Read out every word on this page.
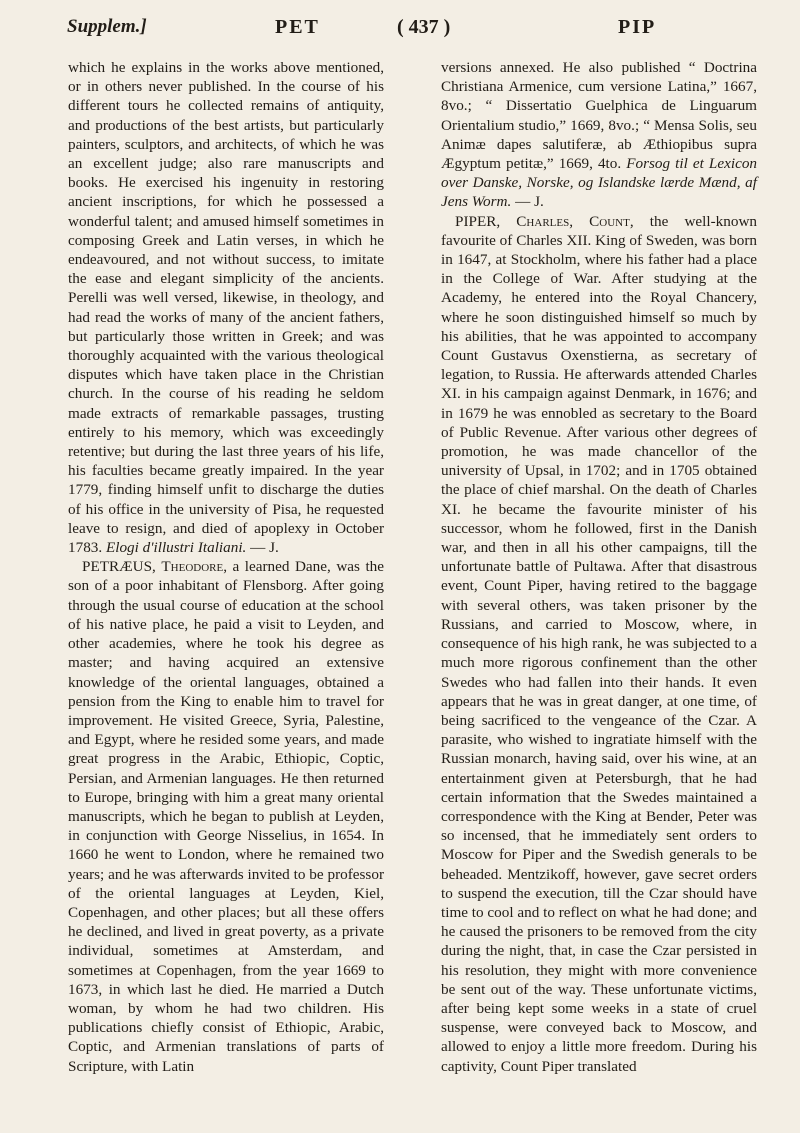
Supplem.]	PET	( 437 )	PIP

which he explains in the works above mentioned, or in others never published. In the course of his different tours he collected remains of antiquity, and productions of the best artists, but particularly painters, sculptors, and architects, of which he was an excellent judge; also rare manuscripts and books. He exercised his ingenuity in restoring ancient inscriptions, for which he possessed a wonderful talent; and amused himself sometimes in composing Greek and Latin verses, in which he endeavoured, and not without success, to imitate the ease and elegant simplicity of the ancients. Perelli was well versed, likewise, in theology, and had read the works of many of the ancient fathers, but particularly those written in Greek; and was thoroughly acquainted with the various theological disputes which have taken place in the Christian church. In the course of his reading he seldom made extracts of remarkable passages, trusting entirely to his memory, which was exceedingly retentive; but during the last three years of his life, his faculties became greatly impaired. In the year 1779, finding himself unfit to discharge the duties of his office in the university of Pisa, he requested leave to resign, and died of apoplexy in October 1783. Elogi d'illustri Italiani. — J.

PETRÆUS, Theodore, a learned Dane, was the son of a poor inhabitant of Flensborg. After going through the usual course of education at the school of his native place, he paid a visit to Leyden, and other academies, where he took his degree as master; and having acquired an extensive knowledge of the oriental languages, obtained a pension from the King to enable him to travel for improvement. He visited Greece, Syria, Palestine, and Egypt, where he resided some years, and made great progress in the Arabic, Ethiopic, Coptic, Persian, and Armenian languages. He then returned to Europe, bringing with him a great many oriental manuscripts, which he began to publish at Leyden, in conjunction with George Nisselius, in 1654. In 1660 he went to London, where he remained two years; and he was afterwards invited to be professor of the oriental languages at Leyden, Kiel, Copenhagen, and other places; but all these offers he declined, and lived in great poverty, as a private individual, sometimes at Amsterdam, and sometimes at Copenhagen, from the year 1669 to 1673, in which last he died. He married a Dutch woman, by whom he had two children. His publications chiefly consist of Ethiopic, Arabic, Coptic, and Armenian translations of parts of Scripture, with Latin

versions annexed. He also published “ Doctrina Christiana Armenice, cum versione Latina,” 1667, 8vo.; “ Dissertatio Guelphica de Linguarum Orientalium studio,” 1669, 8vo.; “ Mensa Solis, seu Animæ dapes salutiferæ, ab Æthiopibus supra Ægyptum petitæ,” 1669, 4to. Forsog til et Lexicon over Danske, Norske, og Islandske lærde Mænd, af Jens Worm. — J.

PIPER, Charles, Count, the well-known favourite of Charles XII. King of Sweden, was born in 1647, at Stockholm, where his father had a place in the College of War. After studying at the Academy, he entered into the Royal Chancery, where he soon distinguished himself so much by his abilities, that he was appointed to accompany Count Gustavus Oxenstierna, as secretary of legation, to Russia. He afterwards attended Charles XI. in his campaign against Denmark, in 1676; and in 1679 he was ennobled as secretary to the Board of Public Revenue. After various other degrees of promotion, he was made chancellor of the university of Upsal, in 1702; and in 1705 obtained the place of chief marshal. On the death of Charles XI. he became the favourite minister of his successor, whom he followed, first in the Danish war, and then in all his other campaigns, till the unfortunate battle of Pultawa. After that disastrous event, Count Piper, having retired to the baggage with several others, was taken prisoner by the Russians, and carried to Moscow, where, in consequence of his high rank, he was subjected to a much more rigorous confinement than the other Swedes who had fallen into their hands. It even appears that he was in great danger, at one time, of being sacrificed to the vengeance of the Czar. A parasite, who wished to ingratiate himself with the Russian monarch, having said, over his wine, at an entertainment given at Petersburgh, that he had certain information that the Swedes maintained a correspondence with the King at Bender, Peter was so incensed, that he immediately sent orders to Moscow for Piper and the Swedish generals to be beheaded. Mentzikoff, however, gave secret orders to suspend the execution, till the Czar should have time to cool and to reflect on what he had done; and he caused the prisoners to be removed from the city during the night, that, in case the Czar persisted in his resolution, they might with more convenience be sent out of the way. These unfortunate victims, after being kept some weeks in a state of cruel suspense, were conveyed back to Moscow, and allowed to enjoy a little more freedom. During his captivity, Count Piper translated
